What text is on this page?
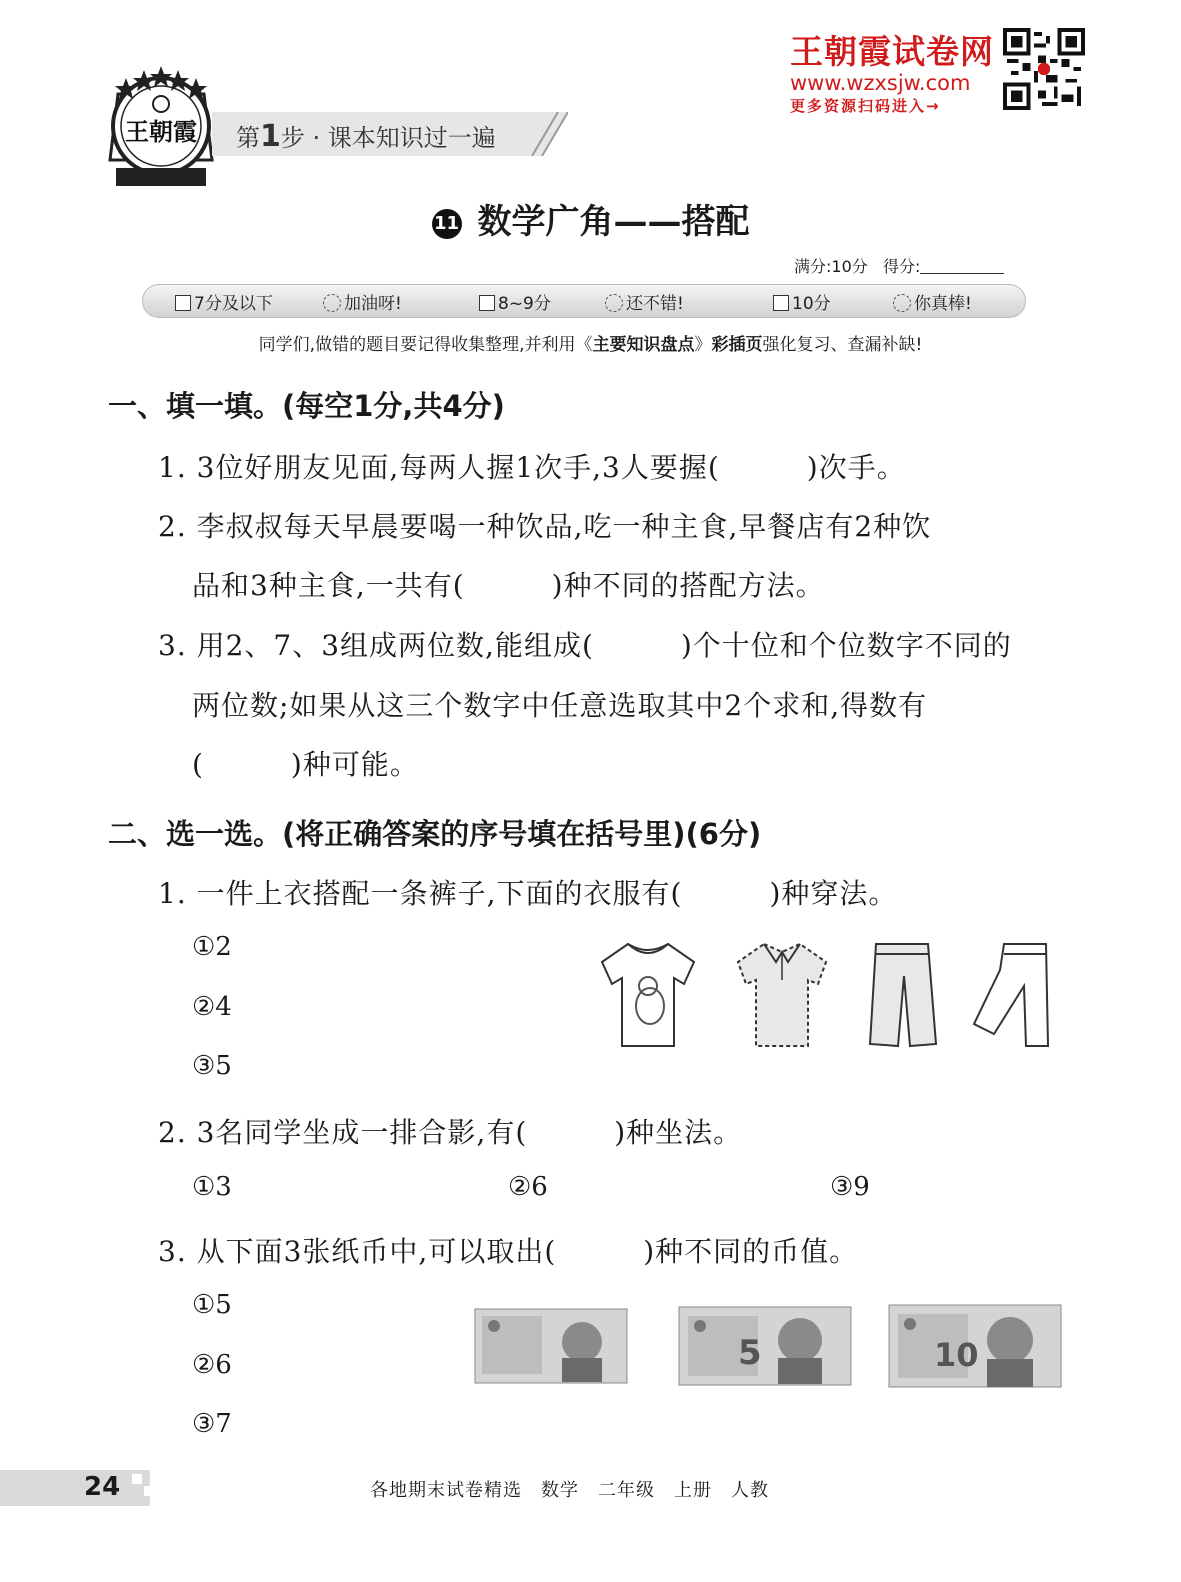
王朝霞 第1步 · 课本知识过一遍
王朝霞试卷网
www.wzxsjw.com
更多资源扫码进入→
11 数学广角——搭配
满分:10分 得分:
7分及以下	加油呀!	8~9分	还不错!	10分	你真棒!
同学们,做错的题目要记得收集整理,并利用《主要知识盘点》彩插页强化复习、查漏补缺!
一、填一填。(每空1分,共4分)
1. 3位好朋友见面,每两人握1次手,3人要握(　　　)次手。
2. 李叔叔每天早晨要喝一种饮品,吃一种主食,早餐店有2种饮
品和3种主食,一共有(　　　)种不同的搭配方法。
3. 用2、7、3组成两位数,能组成(　　　)个十位和个位数字不同的
两位数;如果从这三个数字中任意选取其中2个求和,得数有
(　　　)种可能。
二、选一选。(将正确答案的序号填在括号里)(6分)
1. 一件上衣搭配一条裤子,下面的衣服有(　　　)种穿法。
①2
②4
③5
2. 3名同学坐成一排合影,有(　　　)种坐法。
①3	②6	③9
3. 从下面3张纸币中,可以取出(　　　)种不同的币值。
①5
②6
③7
5	10
24	各地期末试卷精选　数学　二年级　上册　人教
